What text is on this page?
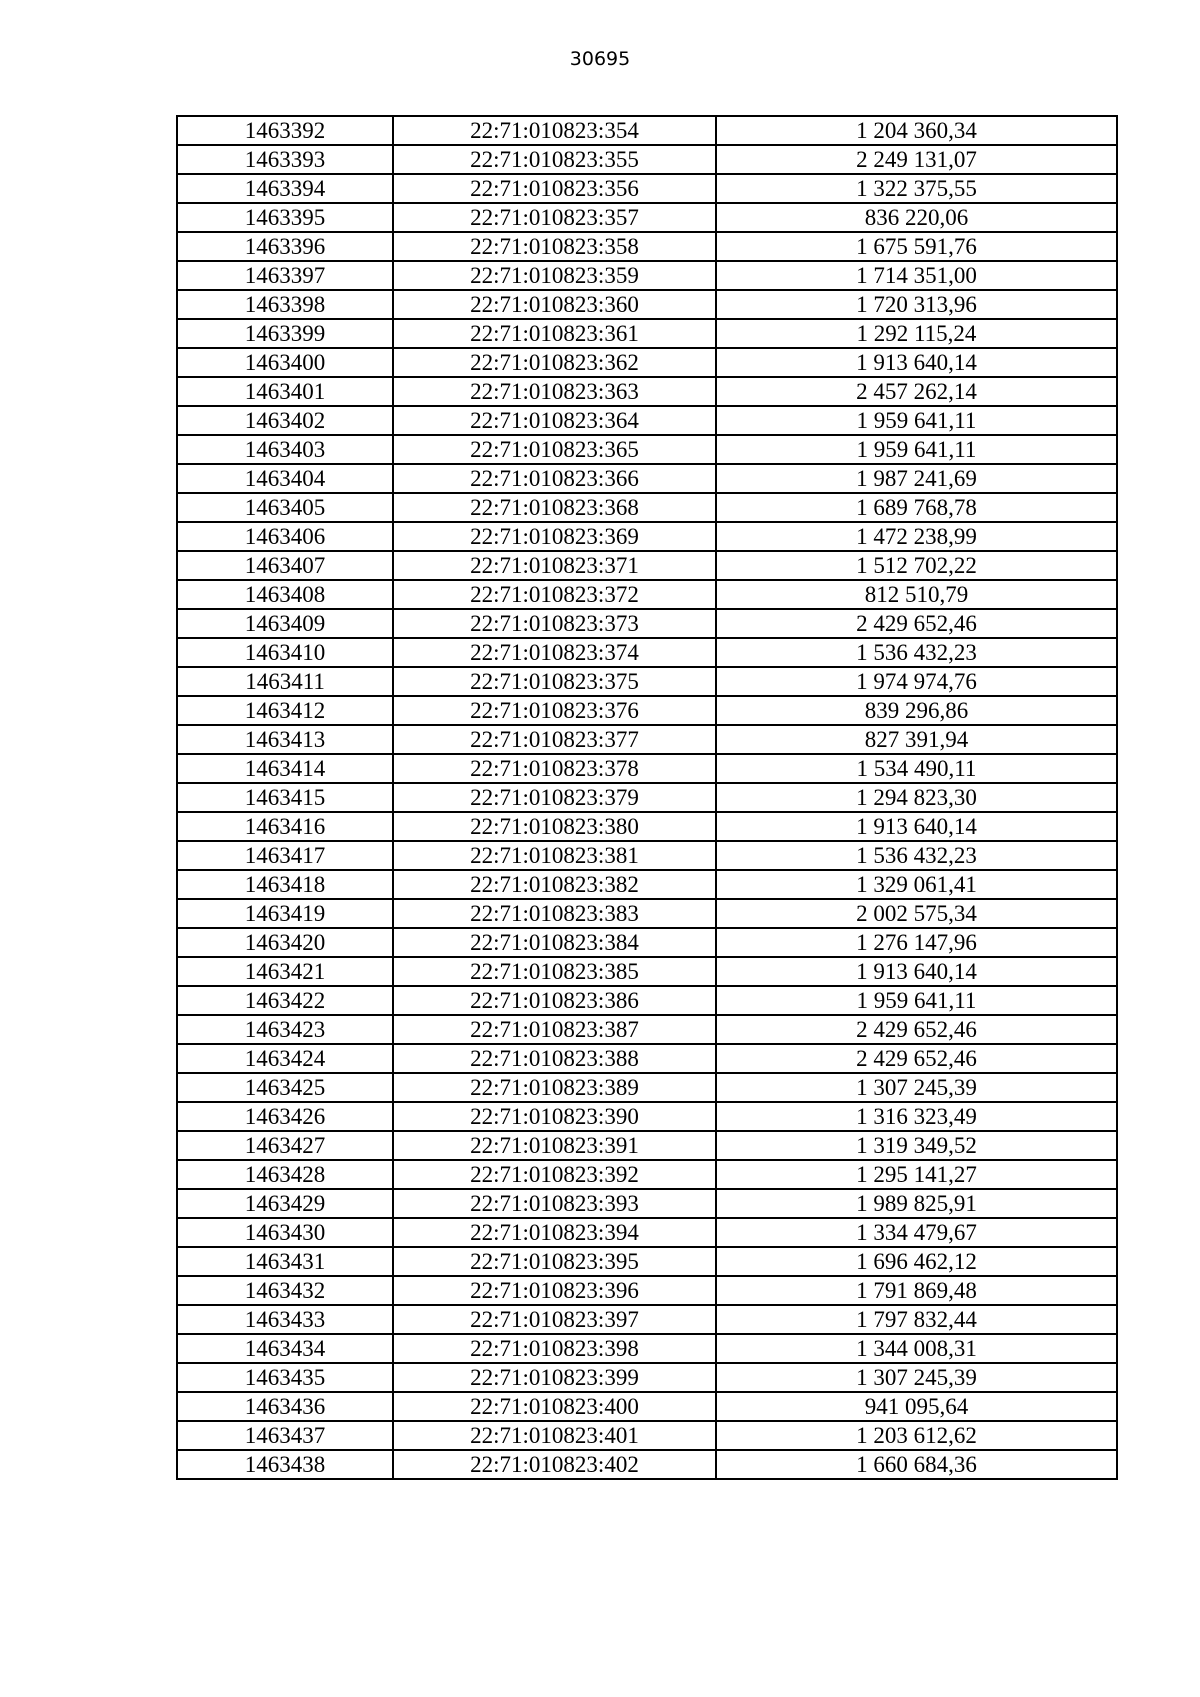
30695
1463392	22:71:010823:354	1 204 360,34
1463393	22:71:010823:355	2 249 131,07
1463394	22:71:010823:356	1 322 375,55
1463395	22:71:010823:357	836 220,06
1463396	22:71:010823:358	1 675 591,76
1463397	22:71:010823:359	1 714 351,00
1463398	22:71:010823:360	1 720 313,96
1463399	22:71:010823:361	1 292 115,24
1463400	22:71:010823:362	1 913 640,14
1463401	22:71:010823:363	2 457 262,14
1463402	22:71:010823:364	1 959 641,11
1463403	22:71:010823:365	1 959 641,11
1463404	22:71:010823:366	1 987 241,69
1463405	22:71:010823:368	1 689 768,78
1463406	22:71:010823:369	1 472 238,99
1463407	22:71:010823:371	1 512 702,22
1463408	22:71:010823:372	812 510,79
1463409	22:71:010823:373	2 429 652,46
1463410	22:71:010823:374	1 536 432,23
1463411	22:71:010823:375	1 974 974,76
1463412	22:71:010823:376	839 296,86
1463413	22:71:010823:377	827 391,94
1463414	22:71:010823:378	1 534 490,11
1463415	22:71:010823:379	1 294 823,30
1463416	22:71:010823:380	1 913 640,14
1463417	22:71:010823:381	1 536 432,23
1463418	22:71:010823:382	1 329 061,41
1463419	22:71:010823:383	2 002 575,34
1463420	22:71:010823:384	1 276 147,96
1463421	22:71:010823:385	1 913 640,14
1463422	22:71:010823:386	1 959 641,11
1463423	22:71:010823:387	2 429 652,46
1463424	22:71:010823:388	2 429 652,46
1463425	22:71:010823:389	1 307 245,39
1463426	22:71:010823:390	1 316 323,49
1463427	22:71:010823:391	1 319 349,52
1463428	22:71:010823:392	1 295 141,27
1463429	22:71:010823:393	1 989 825,91
1463430	22:71:010823:394	1 334 479,67
1463431	22:71:010823:395	1 696 462,12
1463432	22:71:010823:396	1 791 869,48
1463433	22:71:010823:397	1 797 832,44
1463434	22:71:010823:398	1 344 008,31
1463435	22:71:010823:399	1 307 245,39
1463436	22:71:010823:400	941 095,64
1463437	22:71:010823:401	1 203 612,62
1463438	22:71:010823:402	1 660 684,36
